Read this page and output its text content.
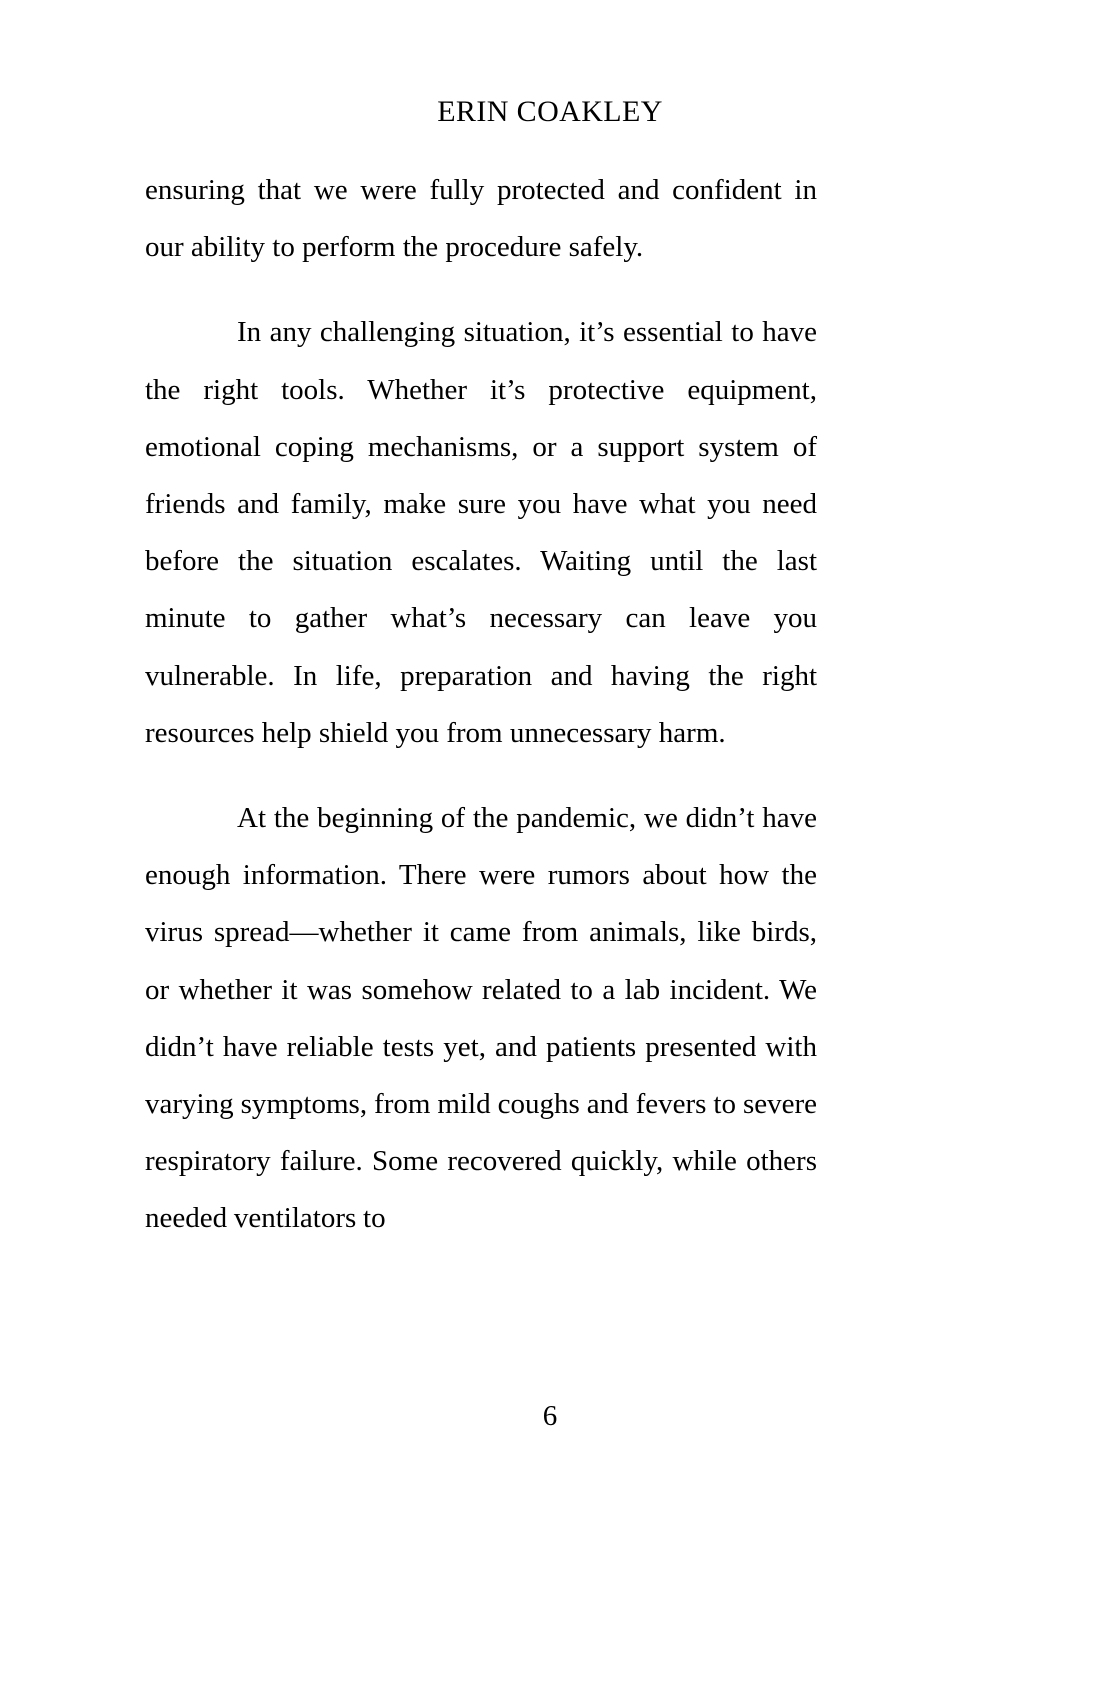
ERIN COAKLEY

ensuring that we were fully protected and confident in our ability to perform the procedure safely.

In any challenging situation, it’s essential to have the right tools. Whether it’s protective equipment, emotional coping mechanisms, or a support system of friends and family, make sure you have what you need before the situation escalates. Waiting until the last minute to gather what’s necessary can leave you vulnerable. In life, preparation and having the right resources help shield you from unnecessary harm.

At the beginning of the pandemic, we didn’t have enough information. There were rumors about how the virus spread—whether it came from animals, like birds, or whether it was somehow related to a lab incident. We didn’t have reliable tests yet, and patients presented with varying symptoms, from mild coughs and fevers to severe respiratory failure. Some recovered quickly, while others needed ventilators to

6
